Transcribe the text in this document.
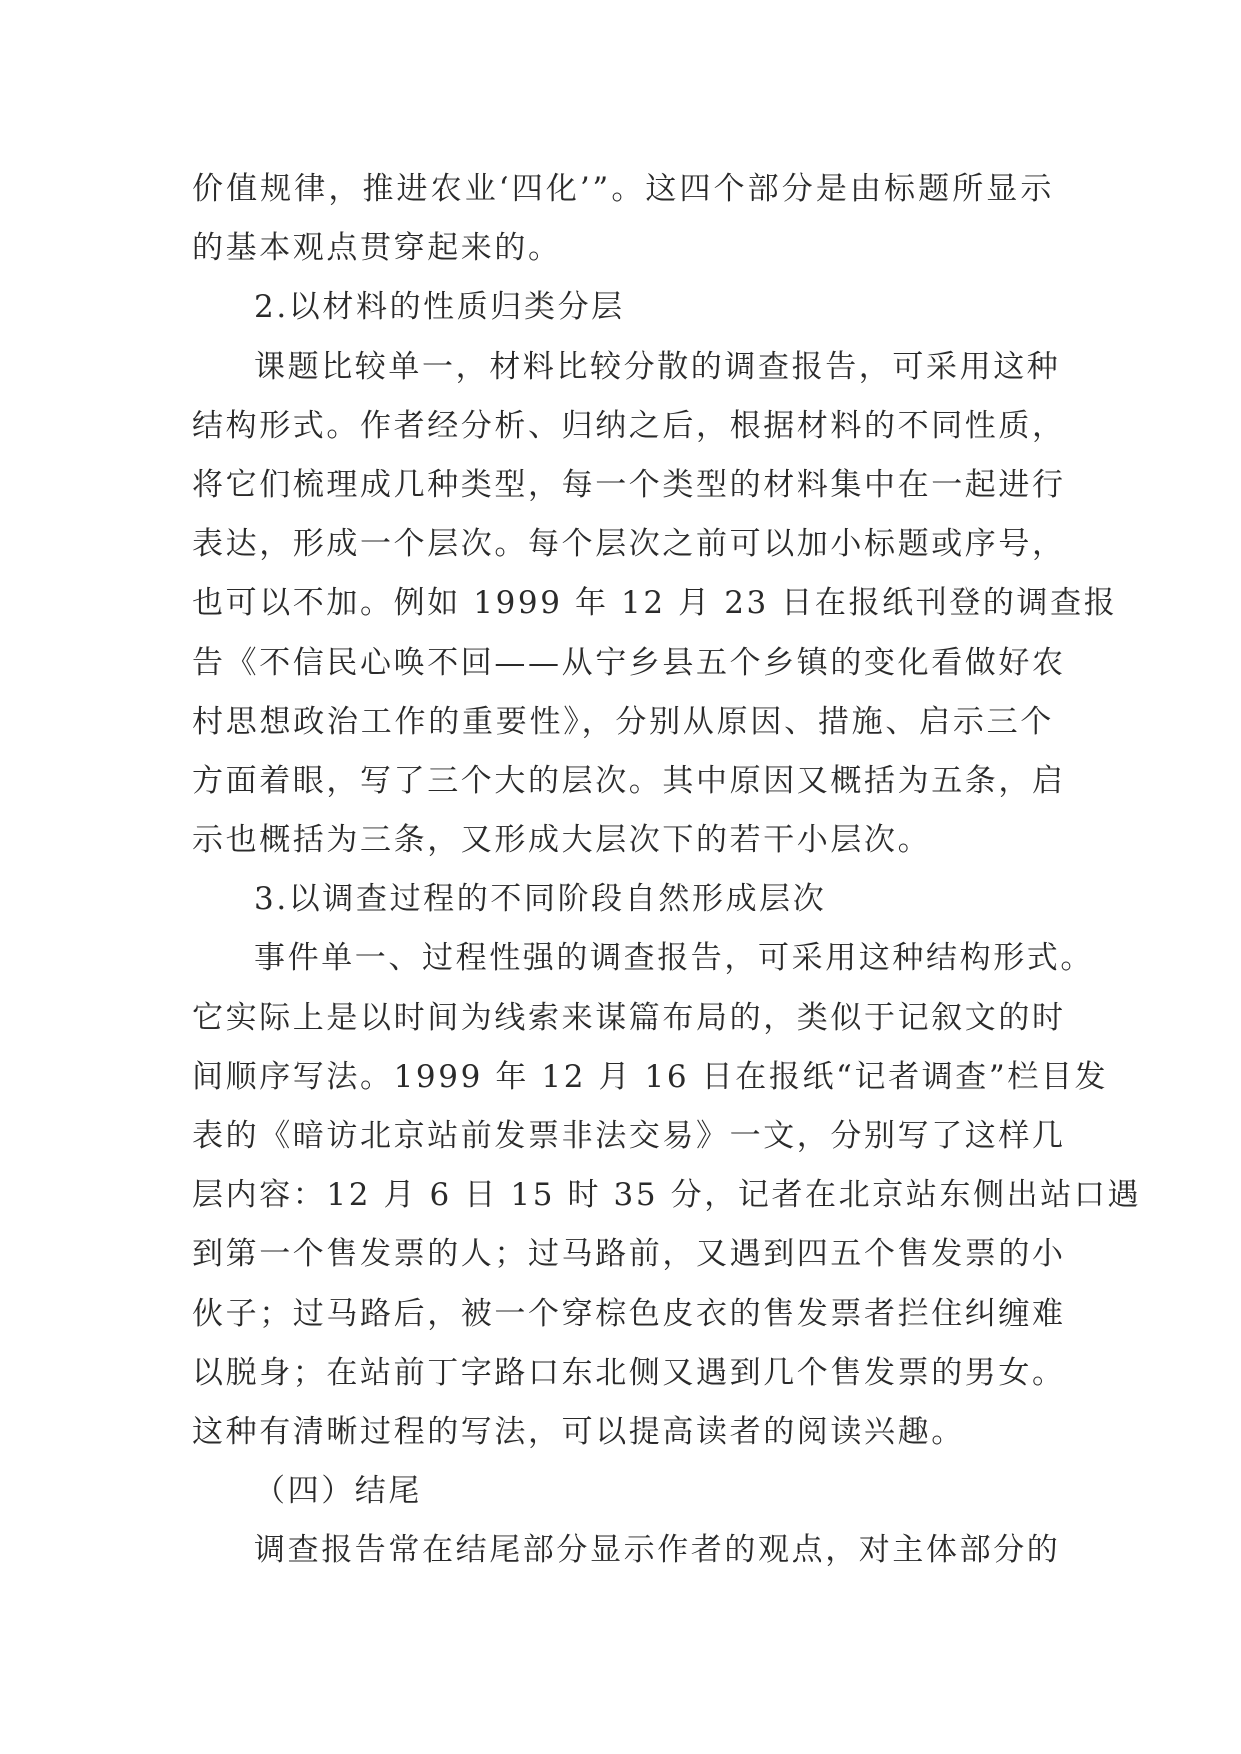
价值规律，推进农业‘四化’”。这四个部分是由标题所显示
的基本观点贯穿起来的。
2.以材料的性质归类分层
课题比较单一，材料比较分散的调查报告，可采用这种
结构形式。作者经分析、归纳之后，根据材料的不同性质，
将它们梳理成几种类型，每一个类型的材料集中在一起进行
表达，形成一个层次。每个层次之前可以加小标题或序号，
也可以不加。例如 1999 年 12 月 23 日在报纸刊登的调查报
告《不信民心唤不回——从宁乡县五个乡镇的变化看做好农
村思想政治工作的重要性》，分别从原因、措施、启示三个
方面着眼，写了三个大的层次。其中原因又概括为五条，启
示也概括为三条，又形成大层次下的若干小层次。
3.以调查过程的不同阶段自然形成层次
事件单一、过程性强的调查报告，可采用这种结构形式。
它实际上是以时间为线索来谋篇布局的，类似于记叙文的时
间顺序写法。1999 年 12 月 16 日在报纸“记者调查”栏目发
表的《暗访北京站前发票非法交易》一文，分别写了这样几
层内容：12 月 6 日 15 时 35 分，记者在北京站东侧出站口遇
到第一个售发票的人；过马路前，又遇到四五个售发票的小
伙子；过马路后，被一个穿棕色皮衣的售发票者拦住纠缠难
以脱身；在站前丁字路口东北侧又遇到几个售发票的男女。
这种有清晰过程的写法，可以提高读者的阅读兴趣。
（四）结尾
调查报告常在结尾部分显示作者的观点，对主体部分的
